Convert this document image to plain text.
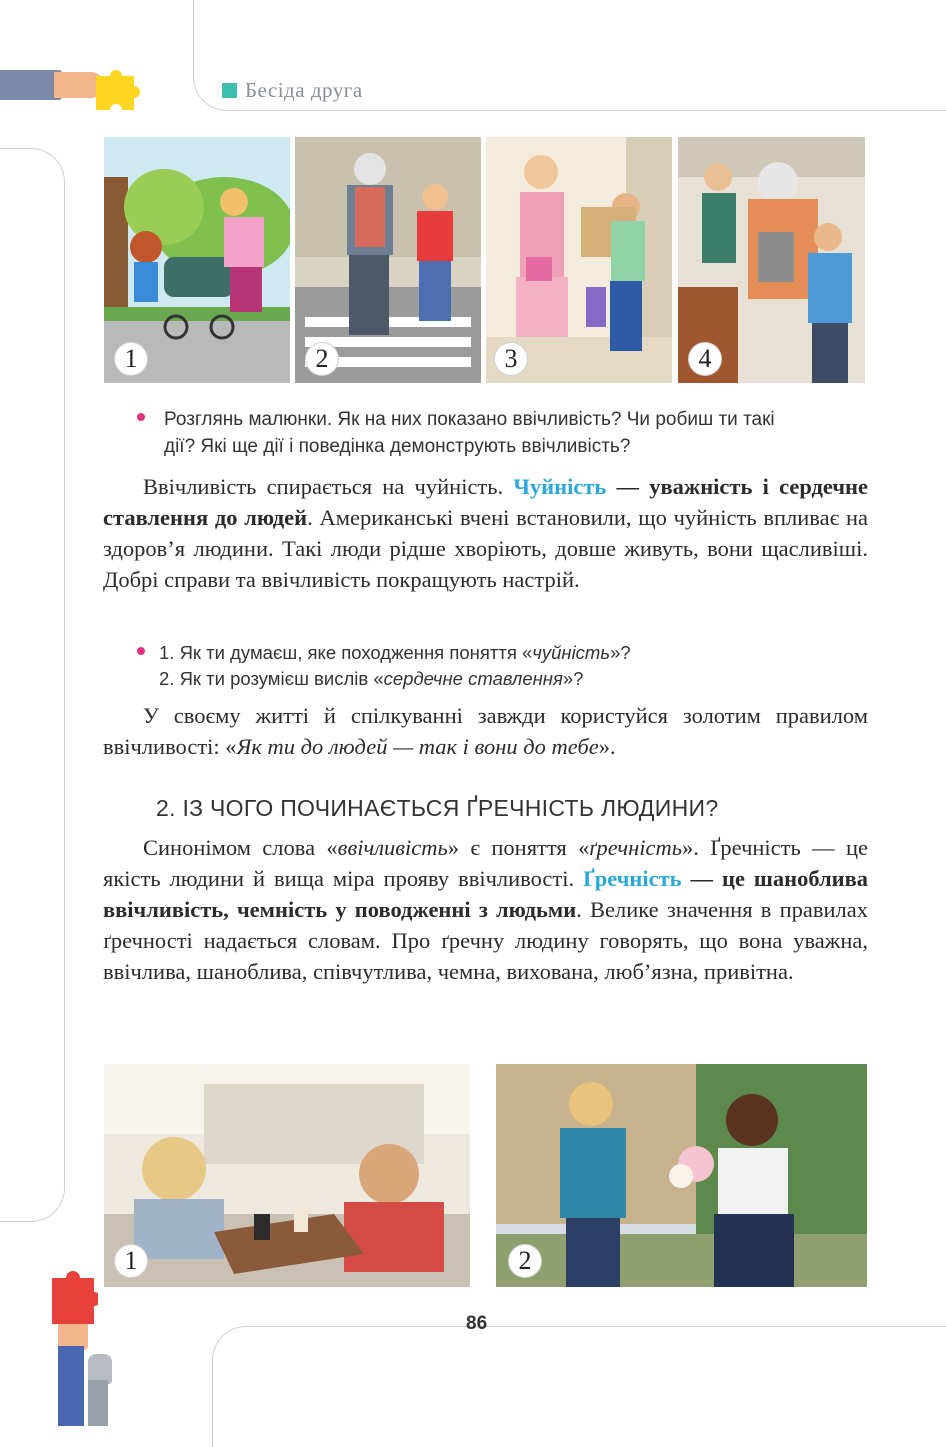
Бесіда друга
1	2	3	4
Розглянь малюнки. Як на них показано ввічливість? Чи робиш ти такі
дії? Які ще дії і поведінка демонструють ввічливість?
Ввічливість спирається на чуйність. Чуйність — уважність і сердечне ставлення до людей. Американські вчені встановили, що чуйність впливає на здоров’я людини. Такі люди рідше хворіють, довше живуть, вони щасливіші. Добрі справи та ввічливість покращують настрій.
1. Як ти думаєш, яке походження поняття «чуйність»?
2. Як ти розумієш вислів «сердечне ставлення»?
У своєму житті й спілкуванні завжди користуйся золотим правилом ввічливості: «Як ти до людей — так і вони до тебе».
2. ІЗ ЧОГО ПОЧИНАЄТЬСЯ ҐРЕЧНІСТЬ ЛЮДИНИ?
Синонімом слова «ввічливість» є поняття «ґречність». Ґречність — це якість людини й вища міра прояву ввічливості. Ґречність — це шаноблива ввічливість, чемність у поводженні з людьми. Велике значення в правилах ґречності надається словам. Про ґречну людину говорять, що вона уважна, ввічлива, шаноблива, співчутлива, чемна, вихована, люб’язна, привітна.
1	2
86
